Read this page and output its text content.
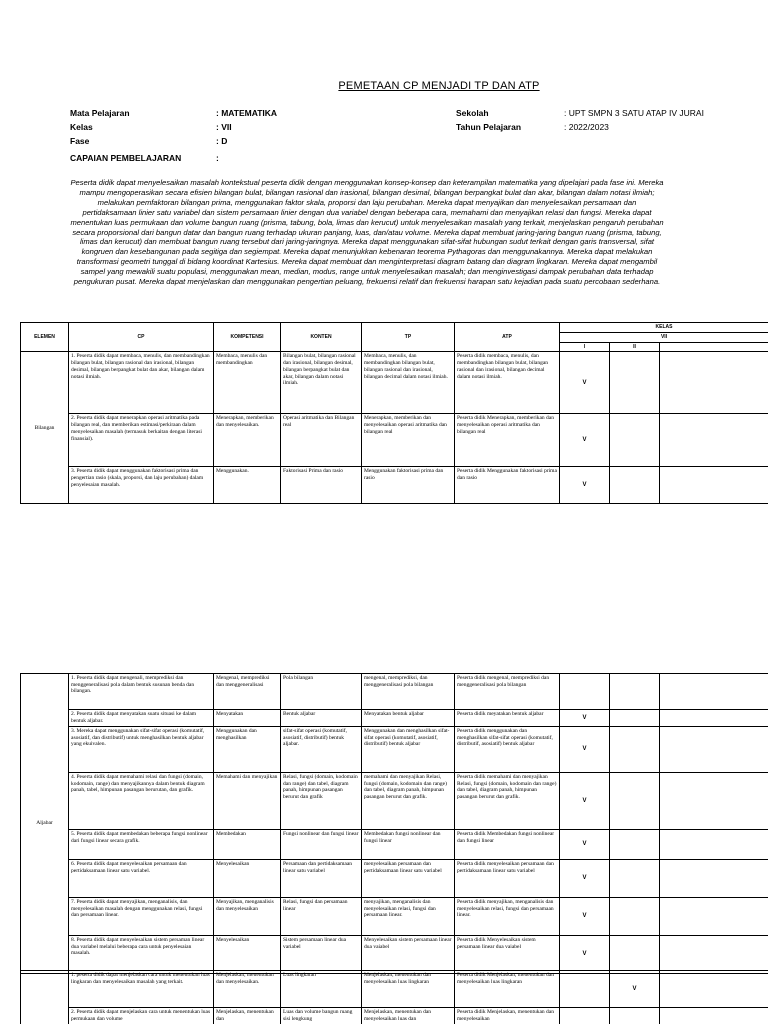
PEMETAAN CP MENJADI TP DAN ATP
Mata Pelajaran	: MATEMATIKA
Kelas	: VII
Fase	: D
Sekolah	: UPT SMPN 3 SATU ATAP IV JURAI
Tahun Pelajaran	: 2022/2023
CAPAIAN PEMBELAJARAN	:
Peserta didik dapat menyelesaikan masalah kontekstual peserta didik dengan menggunakan konsep-konsep dan keterampilan matematika yang dipelajari pada fase ini. Mereka mampu mengoperasikan secara efisien bilangan bulat, bilangan rasional dan irasional, bilangan desimal, bilangan berpangkat bulat dan akar, bilangan dalam notasi ilmiah; melakukan pemfaktoran bilangan prima, menggunakan faktor skala, proporsi dan laju perubahan. Mereka dapat menyajikan dan menyelesaikan persamaan dan pertidaksamaan linier satu variabel dan sistem persamaan linier dengan dua variabel dengan beberapa cara, memahami dan menyajikan relasi dan fungsi. Mereka dapat menentukan luas permukaan dan volume bangun ruang (prisma, tabung, bola, limas dan kerucut) untuk menyelesaikan masalah yang terkait, menjelaskan pengaruh perubahan secara proporsional dari bangun datar dan bangun ruang terhadap ukuran panjang, luas, dan/atau volume. Mereka dapat membuat jaring-jaring bangun ruang (prisma, tabung, limas dan kerucut) dan membuat bangun ruang tersebut dari jaring-jaringnya. Mereka dapat menggunakan sifat-sifat hubungan sudut terkait dengan garis transversal, sifat kongruen dan kesebangunan pada segitiga dan segiempat. Mereka dapat menunjukkan kebenaran teorema Pythagoras dan menggunakannya. Mereka dapat melakukan transformasi geometri tunggal di bidang koordinat Kartesius. Mereka dapat membuat dan menginterpretasi diagram batang dan diagram lingkaran. Mereka dapat mengambil sampel yang mewakili suatu populasi, menggunakan mean, median, modus, range untuk menyelesaikan masalah; dan menginvestigasi dampak perubahan data terhadap pengukuran pusat. Mereka dapat menjelaskan dan menggunakan pengertian peluang, frekuensi relatif dan frekuensi harapan satu kejadian pada suatu percobaan sederhana.
ELEMEN	CP	KOMPETENSI	KONTEN	TP	ATP	KELAS		
						VII		
						I	II	
Bilangan	1. Peserta didik dapat membaca, menulis, dan membandingkan bilangan bulat, bilangan rasional dan irasional, bilangan desimal, bilangan berpangkat bulat dan akar, bilangan dalam notasi ilmiah.	Membaca, menulis dan membandingkan	Bilangan bulat, bilangan rasional dan irasional, bilangan desimal, bilangan berpangkat bulat dan akar, bilangan dalam notasi ilmiah.	Membaca, menulis, dan membandingkan bilangan bulat, bilangan rasional dan irasional, bilangan decimal dalam notasi ilmiah.	Peserta didik membaca, menulis, dan membandingkan bilangan bulat, bilangan rasional dan irasional, bilangan decimal dalam notasi ilmiah.	V		
	2. Peserta didik dapat menerapkan operasi aritmatika pada bilangan real, dan memberikan estimasi/perkiraan dalam menyelesaikan masalah (termasuk berkaitan dengan literasi finansial).	Menerapkan, memberikan dan menyelesaikan.	Operasi aritmatika dan Bilangan real	Menerapkan, memberikan dan menyelesaikan operasi aritmatika dan bilangan real	Peserta didik Menerapkan, memberikan dan menyelesaikan operasi aritmatika dan bilangan real	V		
	3. Peserta didik dapat menggunakan faktorisasi prima dan pengertian rasio (skala, proporsi, dan laju perubahan) dalam penyelesaian masalah.	Menggunakan.	Faktorisasi Prima dan rasio	Menggunakan faktorisasi prima dan rasio	Peserta didik Menggunakan faktorisasi prima dan rasio	V		
Aljabar	1. Peserta didik dapat mengenali, memprediksi dan menggeneralisasi pola dalam bentuk susunan benda dan bilangan.	Mengenal, memprediksi dan menggeneralisasi	Pola bilangan	mengenal, memprediksi, dan menggeneralisasi pola bilangan	Peserta didik mengenal, memprediksi dan menggeneralisasi pola bilangan			
	2. Peserta didik dapat menyatakan suatu situasi ke dalam bentuk aljabar.	Menyatakan	Bentuk aljabar	Menyatakan bentuk aljabar	Peserta didik meyatakan bentuk aljabar	V		
	3. Mereka dapat menggunakan sifat-sifat operasi (komutatif, asosiatif, dan distributif) untuk menghasilkan bentuk aljabar yang ekuivalen.	Menggunakan dan menghasilkan	sifat-sifat operasi (komutatif, asosiatif, distributif) bentuk aljabar.	Menggunakan dan menghasilkan sifat-sifat operasi (komutatif, asosiatif, distributif) bentuk aljabar	Peserta didik menggunakan dan menghasilkan sifat-sifat operasi (komutatif, distributif, asosiatif) bentuk aljabar	V		
	4. Peserta didik dapat memahami relasi dan fungsi (domain, kodomain, range) dan menyajikannya dalam bentuk diagram panah, tabel, himpunan pasangan berurutan, dan grafik.	Memahami dan menyajikan	Relasi, fungsi (domain, kodomain dan range) dan tabel, diagram panah, himpunan pasangan berurut dan grafik	memahami dan menyajikan Relasi, fungsi (domain, kodomain dan range) dan tabel, diagram panah, himpunan pasangan berurut dan grafik.	Peserta didik memahami dan menyajikan Relasi, fungsi (domain, kodomain dan range) dan tabel, diagram panah, himpunan pasangan berurut dan grafik.	V		
	5. Peserta didik dapat membedakan beberapa fungsi nonlinear dari fungsi linear secara grafik.	Membedakan	Fungsi nonlinear dan fungsi linear	Membedakan fungsi nonlinear dan fungsi linear	Peserta didik Membedakan fungsi nonlinear dan fungsi linear	V		
	6. Peserta didik dapat menyelesaikan persamaan dan pertidaksamaan linear satu variabel.	Menyelesaikan	Persamaan dan pertidaksamaan linear satu variabel	menyelesaikan persamaan dan pertidaksamaan linear satu variabel	Peserta didik menyelesaikan persamaan dan pertidaksamaan linear satu variabel	V		
	7. Peserta didik dapat menyajikan, menganalisis, dan menyelesaikan masalah dengan menggunakan relasi, fungsi dan persamaan linear.	Menyajikan, menganalisis dan menyelesaikan	Relasi, fungsi dan persamaan linear	menyajikan, menganalisis dan menyelesaikan relasi, fungsi dan persamaan linear.	Peserta didik menyajikan, menganalisis dan menyelesaikan relasi, fungsi dan persamaan linear.	V		
	8. Peserta didik dapat menyelesaikan sistem persaman linear dua variabel melalui beberapa cara untuk penyelesaian masalah.	Menyelesaikan	Sistem persamaan linear dua variabel	Menyelesaikan sistem persamaan linear dua vaiabel	Peserta didik Menyelesaikan sistem persamaan linear dua vaiabel	V		
	1. peserta didik dapat menjelaskan cara untuk menentukan luas lingkaran dan menyelesaikan masalah yang terkait.	Menjelaskan, menentukan dan menyelesaikan.	Luas lingkaran	Menjelaskan, menentukan dan menyelesaikan luas lingkaran	Peserta didik Menjelaskan, menentukan dan menyelesaikan luas lingkaran		V	
	2. Peserta didik dapat menjelaskan cara untuk menentukan luas permukaan dan volume	Menjelaskan, menentukan dan	Luas dan volume bangun ruang sisi lengkung	Menjelaskan, menentukan dan menyelesaikan luas dan	Peserta didik Menjelaskan, menentukan dan menyelesaikan			
